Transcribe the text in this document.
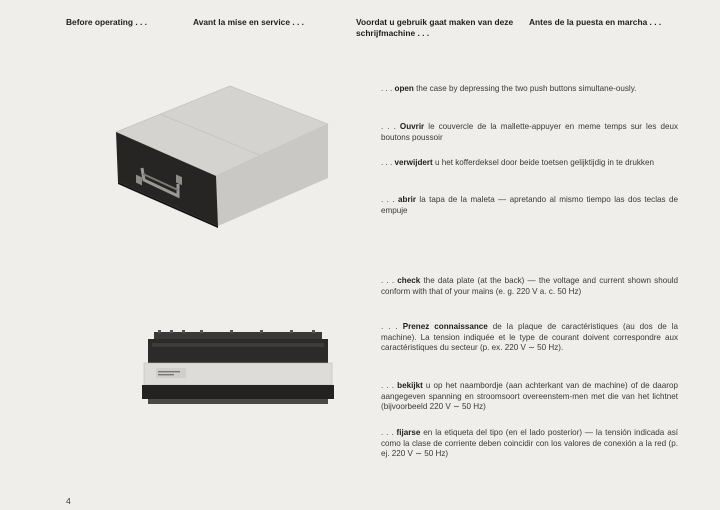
Before operating . . .	Avant la mise en service . . .	Voordat u gebruik gaat maken van deze schrijfmachine . . .
Antes de la puesta en marcha . . .
. . . open the case by depressing the two push buttons simultane-ously.
. . . Ouvrir le couvercle de la mallette-appuyer en meme temps sur les deux boutons poussoir
. . . verwijdert u het kofferdeksel door beide toetsen gelijktijdig in te drukken
. . . abrir la tapa de la maleta — apretando al mismo tiempo las dos teclas de empuje
. . . check the data plate (at the back) — the voltage and current shown should conform with that of your mains (e. g. 220 V a. c. 50 Hz)
. . . Prenez connaissance de la plaque de caractéristiques (au dos de la machine). La tension indiquée et le type de courant doivent correspondre aux caractéristiques du secteur (p. ex. 220 V ∼ 50 Hz).
. . . bekijkt u op het naambordje (aan achterkant van de machine) of de daarop aangegeven spanning en stroomsoort overeenstem-men met die van het lichtnet (bijvoorbeeld 220 V ∼ 50 Hz)
. . . fijarse en la etiqueta del tipo (en el lado posterior) — la tensión indicada así como la clase de corriente deben coincidir con los valores de conexión a la red (p. ej. 220 V ∼ 50 Hz)
4
